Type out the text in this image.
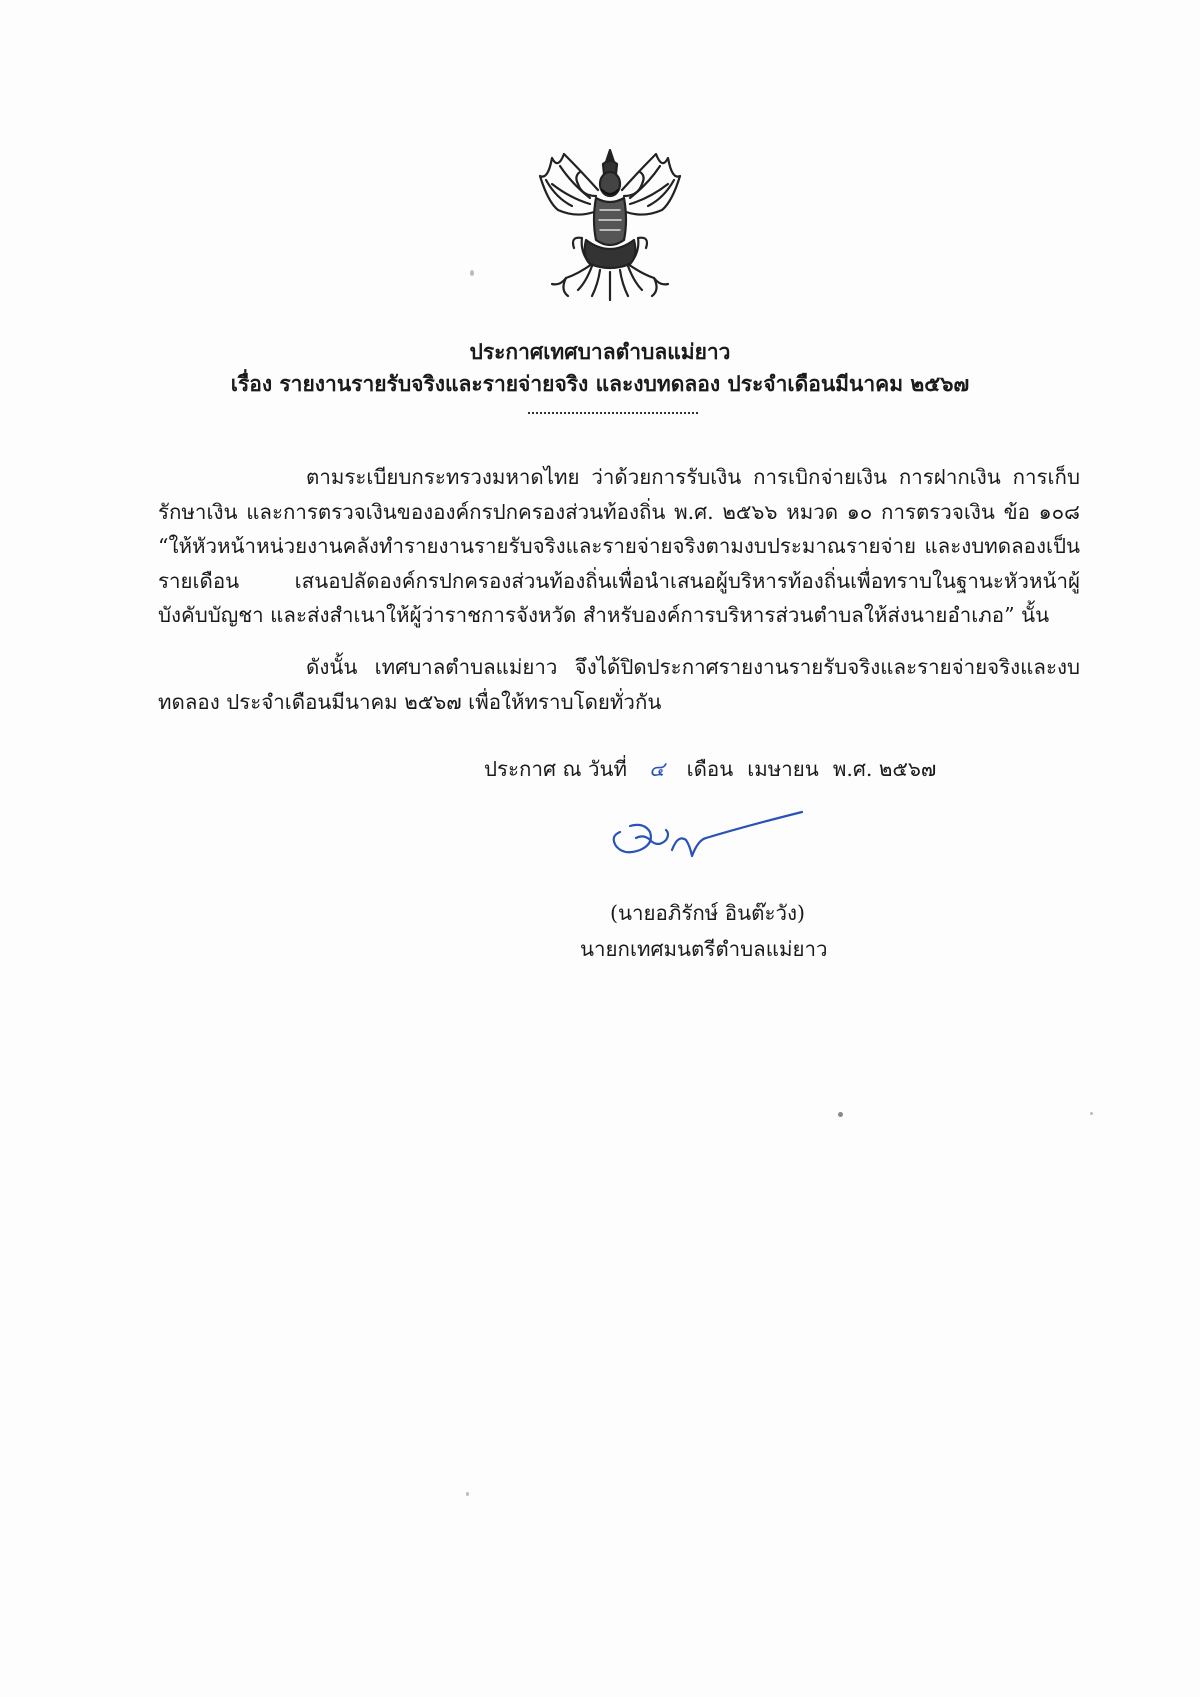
ประกาศเทศบาลตำบลแม่ยาว
เรื่อง รายงานรายรับจริงและรายจ่ายจริง และงบทดลอง ประจำเดือนมีนาคม ๒๕๖๗

ตามระเบียบกระทรวงมหาดไทย ว่าด้วยการรับเงิน การเบิกจ่ายเงิน การฝากเงิน การเก็บรักษาเงิน และการตรวจเงินขององค์กรปกครองส่วนท้องถิ่น พ.ศ. ๒๕๖๖ หมวด ๑๐ การตรวจเงิน ข้อ ๑๐๘ “ให้หัวหน้าหน่วยงานคลังทำรายงานรายรับจริงและรายจ่ายจริงตามงบประมาณรายจ่าย และงบทดลองเป็นรายเดือน เสนอปลัดองค์กรปกครองส่วนท้องถิ่นเพื่อนำเสนอผู้บริหารท้องถิ่นเพื่อทราบในฐานะหัวหน้าผู้บังคับบัญชา และส่งสำเนาให้ผู้ว่าราชการจังหวัด สำหรับองค์การบริหารส่วนตำบลให้ส่งนายอำเภอ” นั้น

ดังนั้น เทศบาลตำบลแม่ยาว จึงได้ปิดประกาศรายงานรายรับจริงและรายจ่ายจริงและงบทดลอง ประจำเดือนมีนาคม ๒๕๖๗ เพื่อให้ทราบโดยทั่วกัน

ประกาศ ณ วันที่ ๔ เดือน เมษายน พ.ศ. ๒๕๖๗
(นายอภิรักษ์ อินต๊ะวัง)
นายกเทศมนตรีตำบลแม่ยาว
